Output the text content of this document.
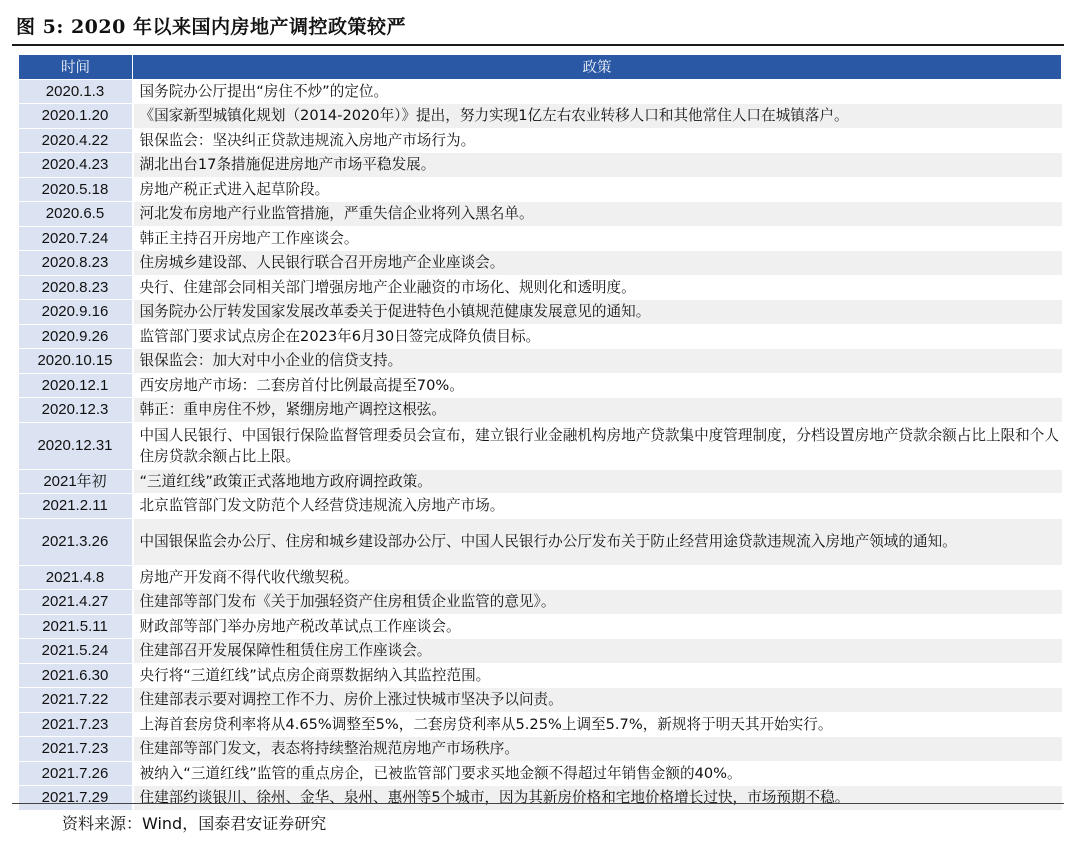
图 5: 2020 年以来国内房地产调控政策较严
时间	政策
2020.1.3	国务院办公厅提出“房住不炒”的定位。
2020.1.20	《国家新型城镇化规划（2014-2020年）》提出，努力实现1亿左右农业转移人口和其他常住人口在城镇落户。
2020.4.22	银保监会：坚决纠正贷款违规流入房地产市场行为。
2020.4.23	湖北出台17条措施促进房地产市场平稳发展。
2020.5.18	房地产税正式进入起草阶段。
2020.6.5	河北发布房地产行业监管措施，严重失信企业将列入黑名单。
2020.7.24	韩正主持召开房地产工作座谈会。
2020.8.23	住房城乡建设部、人民银行联合召开房地产企业座谈会。
2020.8.23	央行、住建部会同相关部门增强房地产企业融资的市场化、规则化和透明度。
2020.9.16	国务院办公厅转发国家发展改革委关于促进特色小镇规范健康发展意见的通知。
2020.9.26	监管部门要求试点房企在2023年6月30日签完成降负债目标。
2020.10.15	银保监会：加大对中小企业的信贷支持。
2020.12.1	西安房地产市场：二套房首付比例最高提至70%。
2020.12.3	韩正：重申房住不炒，紧绷房地产调控这根弦。
2020.12.31	中国人民银行、中国银行保险监督管理委员会宣布，建立银行业金融机构房地产贷款集中度管理制度，分档设置房地产贷款余额占比上限和个人住房贷款余额占比上限。
2021年初	“三道红线”政策正式落地地方政府调控政策。
2021.2.11	北京监管部门发文防范个人经营贷违规流入房地产市场。
2021.3.26	中国银保监会办公厅、住房和城乡建设部办公厅、中国人民银行办公厅发布关于防止经营用途贷款违规流入房地产领域的通知。
2021.4.8	房地产开发商不得代收代缴契税。
2021.4.27	住建部等部门发布《关于加强轻资产住房租赁企业监管的意见》。
2021.5.11	财政部等部门举办房地产税改革试点工作座谈会。
2021.5.24	住建部召开发展保障性租赁住房工作座谈会。
2021.6.30	央行将“三道红线”试点房企商票数据纳入其监控范围。
2021.7.22	住建部表示要对调控工作不力、房价上涨过快城市坚决予以问责。
2021.7.23	上海首套房贷利率将从4.65%调整至5%，二套房贷利率从5.25%上调至5.7%，新规将于明天其开始实行。
2021.7.23	住建部等部门发文，表态将持续整治规范房地产市场秩序。
2021.7.26	被纳入“三道红线”监管的重点房企，已被监管部门要求买地金额不得超过年销售金额的40%。
2021.7.29	住建部约谈银川、徐州、金华、泉州、惠州等5个城市，因为其新房价格和宅地价格增长过快，市场预期不稳。
资料来源：Wind，国泰君安证券研究
